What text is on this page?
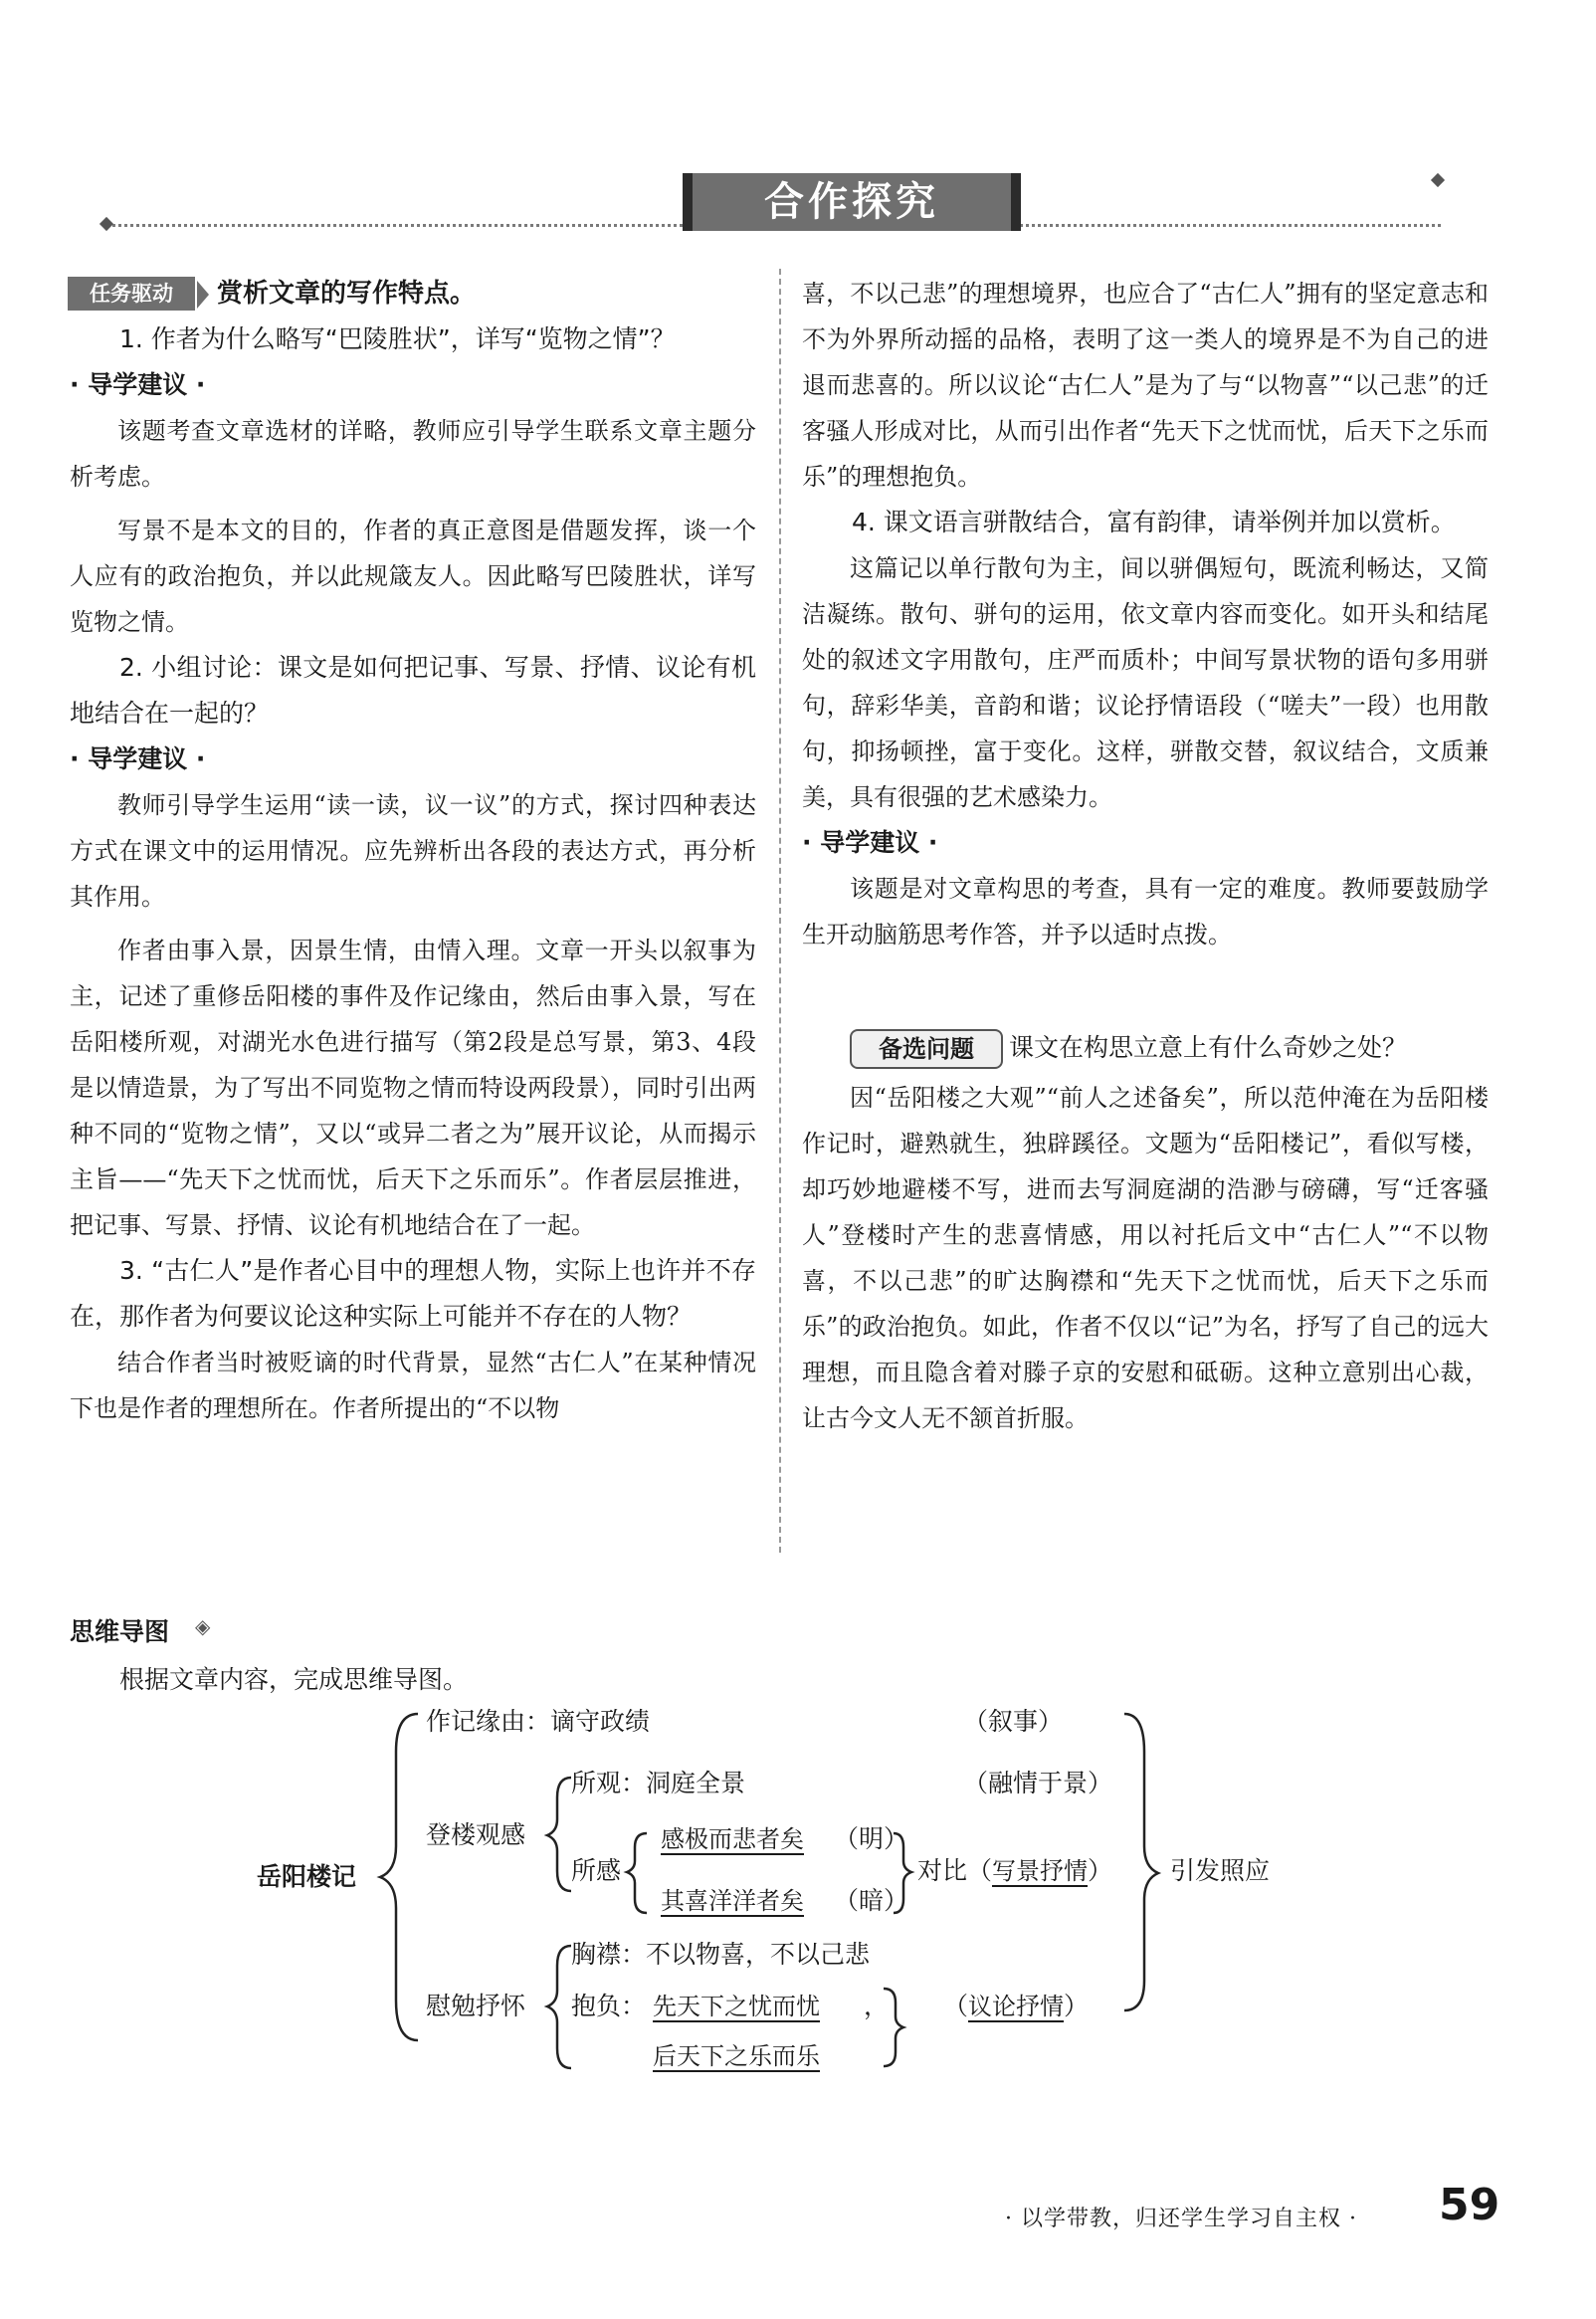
合作探究
任务驱动	赏析文章的写作特点。

1. 作者为什么略写“巴陵胜状”，详写“览物之情”？

· 导学建议 ·

该题考查文章选材的详略，教师应引导学生联系文章主题分析考虑。

写景不是本文的目的，作者的真正意图是借题发挥，谈一个人应有的政治抱负，并以此规箴友人。因此略写巴陵胜状，详写览物之情。

2. 小组讨论：课文是如何把记事、写景、抒情、议论有机地结合在一起的？

· 导学建议 ·

教师引导学生运用“读一读，议一议”的方式，探讨四种表达方式在课文中的运用情况。应先辨析出各段的表达方式，再分析其作用。

作者由事入景，因景生情，由情入理。文章一开头以叙事为主，记述了重修岳阳楼的事件及作记缘由，然后由事入景，写在岳阳楼所观，对湖光水色进行描写（第2段是总写景，第3、4段是以情造景，为了写出不同览物之情而特设两段景），同时引出两种不同的“览物之情”，又以“或异二者之为”展开议论，从而揭示主旨——“先天下之忧而忧，后天下之乐而乐”。作者层层推进，把记事、写景、抒情、议论有机地结合在了一起。

3. “古仁人”是作者心目中的理想人物，实际上也许并不存在，那作者为何要议论这种实际上可能并不存在的人物？

结合作者当时被贬谪的时代背景，显然“古仁人”在某种情况下也是作者的理想所在。作者所提出的“不以物

喜，不以己悲”的理想境界，也应合了“古仁人”拥有的坚定意志和不为外界所动摇的品格，表明了这一类人的境界是不为自己的进退而悲喜的。所以议论“古仁人”是为了与“以物喜”“以己悲”的迁客骚人形成对比，从而引出作者“先天下之忧而忧，后天下之乐而乐”的理想抱负。

4. 课文语言骈散结合，富有韵律，请举例并加以赏析。

这篇记以单行散句为主，间以骈偶短句，既流利畅达，又简洁凝练。散句、骈句的运用，依文章内容而变化。如开头和结尾处的叙述文字用散句，庄严而质朴；中间写景状物的语句多用骈句，辞彩华美，音韵和谐；议论抒情语段（“嗟夫”一段）也用散句，抑扬顿挫，富于变化。这样，骈散交替，叙议结合，文质兼美，具有很强的艺术感染力。

· 导学建议 ·

该题是对文章构思的考查，具有一定的难度。教师要鼓励学生开动脑筋思考作答，并予以适时点拨。

备选问题	课文在构思立意上有什么奇妙之处？

因“岳阳楼之大观”“前人之述备矣”，所以范仲淹在为岳阳楼作记时，避熟就生，独辟蹊径。文题为“岳阳楼记”，看似写楼，却巧妙地避楼不写，进而去写洞庭湖的浩渺与磅礴，写“迁客骚人”登楼时产生的悲喜情感，用以衬托后文中“古仁人”“不以物喜，不以己悲”的旷达胸襟和“先天下之忧而忧，后天下之乐而乐”的政治抱负。如此，作者不仅以“记”为名，抒写了自己的远大理想，而且隐含着对滕子京的安慰和砥砺。这种立意别出心裁，让古今文人无不颔首折服。

思维导图 ◈
根据文章内容，完成思维导图。
岳阳楼记
作记缘由：谪守政绩	（叙事）
登楼观感
所观：洞庭全景	（融情于景）
所感
感极而悲者矣 （明）
其喜洋洋者矣 （暗）
对比（写景抒情） 引发照应
慰勉抒怀
胸襟：不以物喜，不以己悲
抱负： 先天下之忧而忧 ，
后天下之乐而乐
（议论抒情）
· 以学带教，归还学生学习自主权 · 59
